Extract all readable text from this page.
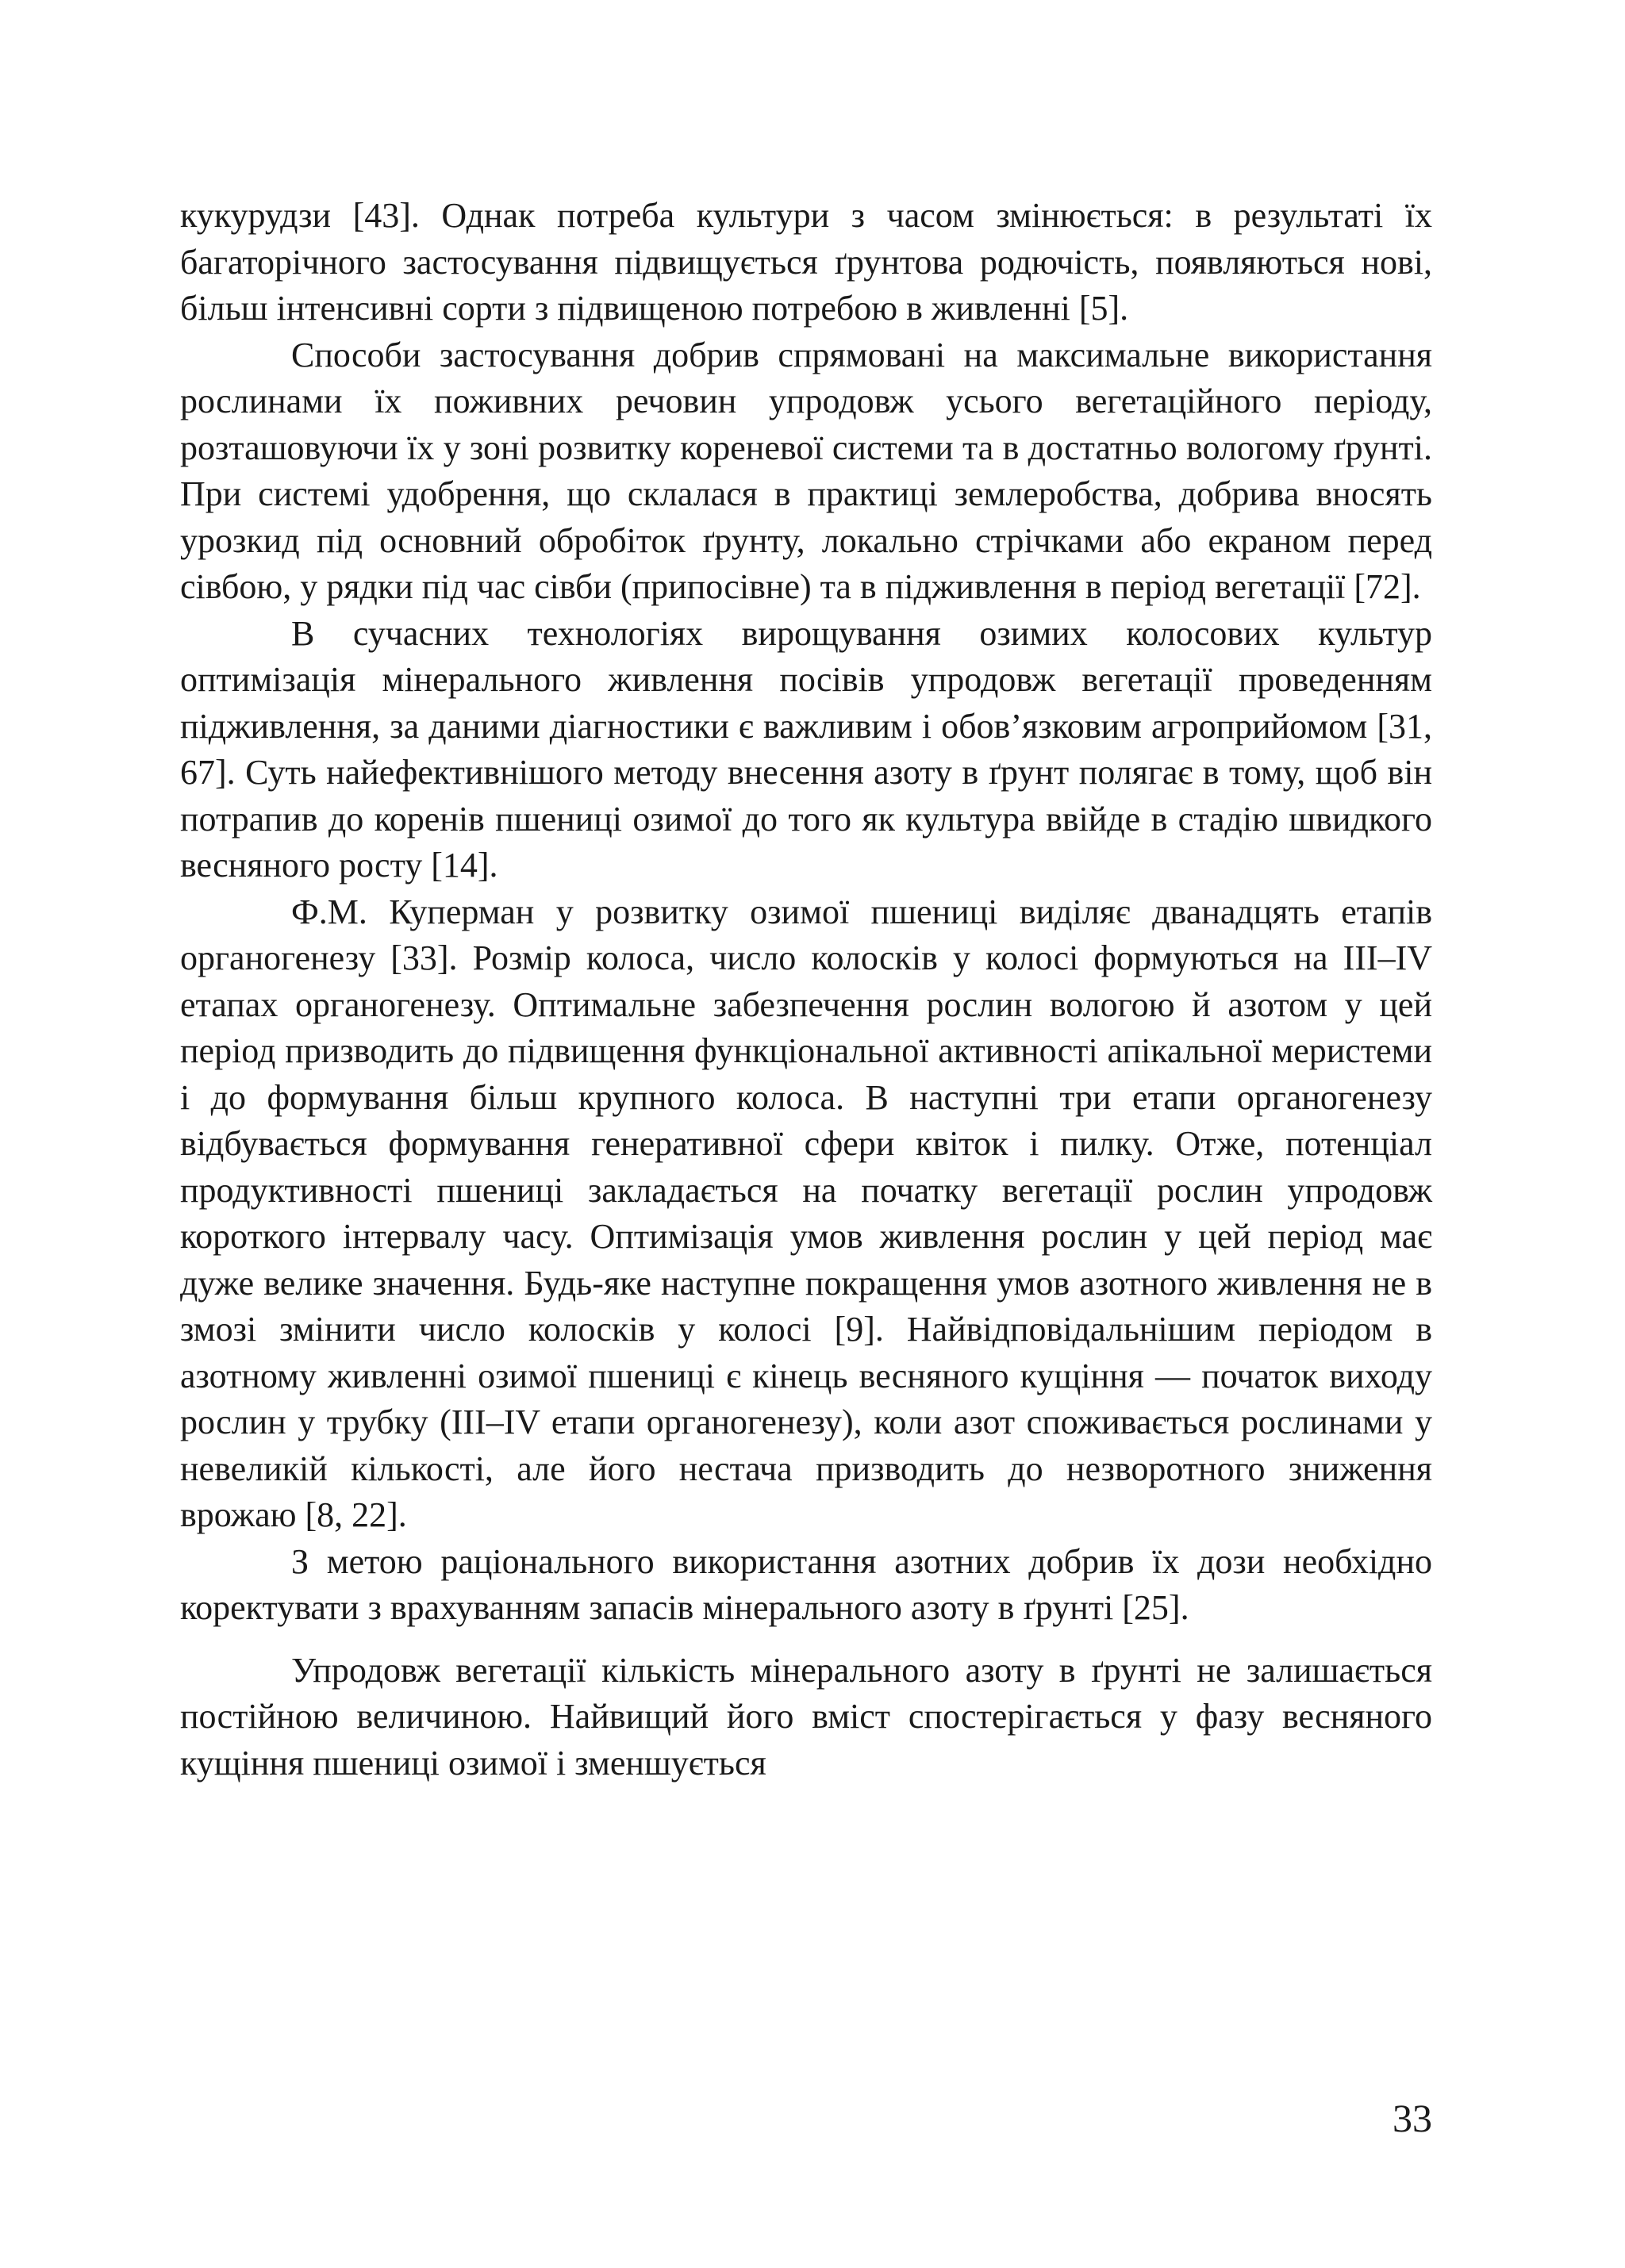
кукурудзи [43]. Однак потреба культури з часом змінюється: в результаті їх багаторічного застосування підвищується ґрунтова родючість, появляються нові, більш інтенсивні сорти з підвищеною потребою в живленні [5].

Способи застосування добрив спрямовані на максимальне використання рослинами їх поживних речовин упродовж усього вегетаційного періоду, розташовуючи їх у зоні розвитку кореневої системи та в достатньо вологому ґрунті. При системі удобрення, що склалася в практиці землеробства, добрива вносять урозкид під основний обробіток ґрунту, локально стрічками або екраном перед сівбою, у рядки під час сівби (припосівне) та в підживлення в період вегетації [72].

В сучасних технологіях вирощування озимих колосових культур оптимізація мінерального живлення посівів упродовж вегетації проведенням підживлення, за даними діагностики є важливим і обов’язковим агроприйомом [31, 67]. Суть найефективнішого методу внесення азоту в ґрунт полягає в тому, щоб він потрапив до коренів пшениці озимої до того як культура ввійде в стадію швидкого весняного росту [14].

Ф.М. Куперман у розвитку озимої пшениці виділяє дванадцять етапів органогенезу [33]. Розмір колоса, число колосків у колосі формуються на III–IV етапах органогенезу. Оптимальне забезпечення рослин вологою й азотом у цей період призводить до підвищення функціональної активності апікальної меристеми і до формування більш крупного колоса. В наступні три етапи органогенезу відбувається формування генеративної сфери квіток і пилку. Отже, потенціал продуктивності пшениці закладається на початку вегетації рослин упродовж короткого інтервалу часу. Оптимізація умов живлення рослин у цей період має дуже велике значення. Будь-яке наступне покращення умов азотного живлення не в змозі змінити число колосків у колосі [9]. Найвідповідальнішим періодом в азотному живленні озимої пшениці є кінець весняного кущіння — початок виходу рослин у трубку (III–IV етапи органогенезу), коли азот споживається рослинами у невеликій кількості, але його нестача призводить до незворотного зниження врожаю [8, 22].

З метою раціонального використання азотних добрив їх дози необхідно коректувати з врахуванням запасів мінерального азоту в ґрунті [25].

Упродовж вегетації кількість мінерального азоту в ґрунті не залишається постійною величиною. Найвищий його вміст спостерігається у фазу весняного кущіння пшениці озимої і зменшується

33
